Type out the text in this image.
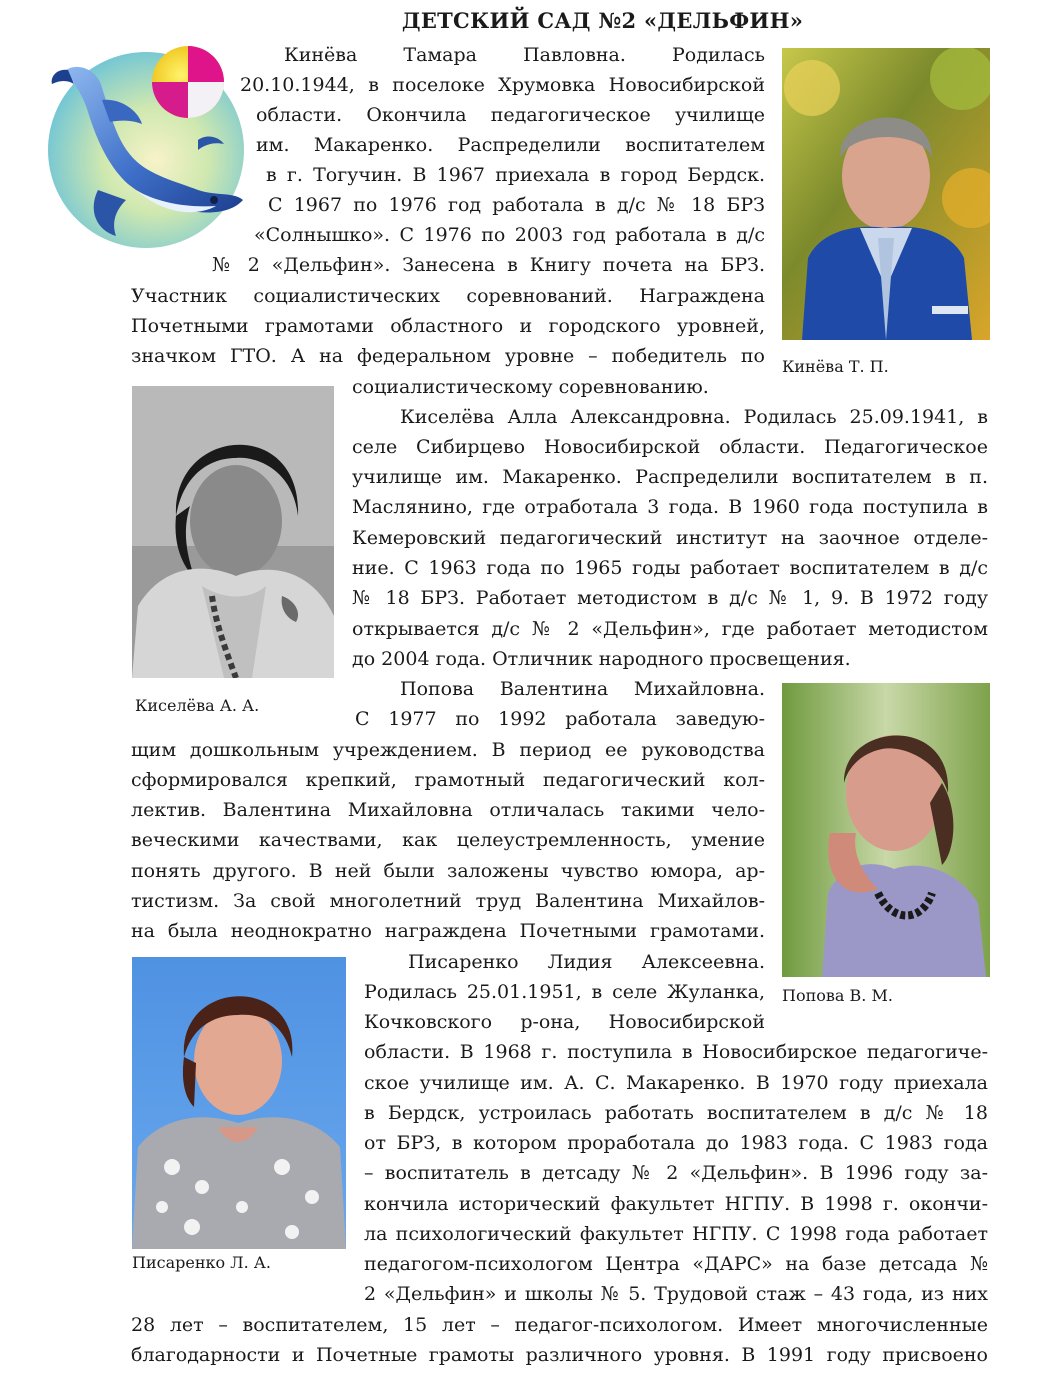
ДЕТСКИЙ САД №2 «ДЕЛЬФИН»
Кинёва Т. П.
Киселёва А. А.
Попова В. М.
Писаренко Л. А.
Кинёва Тамара Павловна. Родилась
20.10.1944, в поселоке Хрумовка Новосибирской
области. Окончила педагогическое училище
им. Макаренко. Распределили воспитателем
в г. Тогучин. В 1967 приехала в город Бердск.
С 1967 по 1976 год работала в д/с № 18 БРЗ
«Солнышко». С 1976 по 2003 год работала в д/с
№ 2 «Дельфин». Занесена в Книгу почета на БРЗ.
Участник социалистических соревнований. Награждена
Почетными грамотами областного и городского уровней,
значком ГТО. А на федеральном уровне – победитель по
социалистическому соревнованию.
Киселёва Алла Александровна. Родилась 25.09.1941, в
селе Сибирцево Новосибирской области. Педагогическое
училище им. Макаренко. Распределили воспитателем в п.
Маслянино, где отработала 3 года. В 1960 года поступила в
Кемеровский педагогический институт на заочное отделе-
ние. С 1963 года по 1965 годы работает воспитателем в д/с
№ 18 БРЗ. Работает методистом в д/с № 1, 9. В 1972 году
открывается д/с № 2 «Дельфин», где работает методистом
до 2004 года. Отличник народного просвещения.
Попова Валентина Михайловна.
С 1977 по 1992 работала заведую-
щим дошкольным учреждением. В период ее руководства
сформировался крепкий, грамотный педагогический кол-
лектив. Валентина Михайловна отличалась такими чело-
веческими качествами, как целеустремленность, умение
понять другого. В ней были заложены чувство юмора, ар-
тистизм. За свой многолетний труд Валентина Михайлов-
на была неоднократно награждена Почетными грамотами.
Писаренко Лидия Алексеевна.
Родилась 25.01.1951, в селе Жуланка,
Кочковского р-она, Новосибирской
области. В 1968 г. поступила в Новосибирское педагогиче-
ское училище им. А. С. Макаренко. В 1970 году приехала
в Бердск, устроилась работать воспитателем в д/с № 18
от БРЗ, в котором проработала до 1983 года. С 1983 года
– воспитатель в детсаду № 2 «Дельфин». В 1996 году за-
кончила исторический факультет НГПУ. В 1998 г. окончи-
ла психологический факультет НГПУ. С 1998 года работает
педагогом-психологом Центра «ДАРС» на базе детсада №
2 «Дельфин» и школы № 5. Трудовой стаж – 43 года, из них
28 лет – воспитателем, 15 лет – педагог-психологом. Имеет многочисленные
благодарности и Почетные грамоты различного уровня. В 1991 году присвоено
